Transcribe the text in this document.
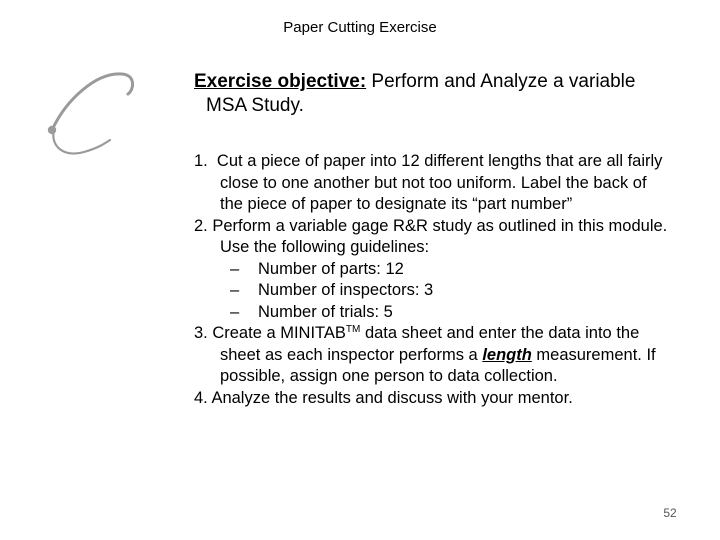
Paper Cutting Exercise
Exercise objective: Perform and Analyze a variable
MSA Study.
1.  Cut a piece of paper into 12 different lengths that are all fairly
close to one another but not too uniform. Label the back of
the piece of paper to designate its “part number”
2. Perform a variable gage R&R study as outlined in this module.
Use the following guidelines:
– Number of parts: 12
– Number of inspectors: 3
– Number of trials: 5
3. Create a MINITAB™ data sheet and enter the data into the
sheet as each inspector performs a length measurement. If
possible, assign one person to data collection.
4. Analyze the results and discuss with your mentor.
52
